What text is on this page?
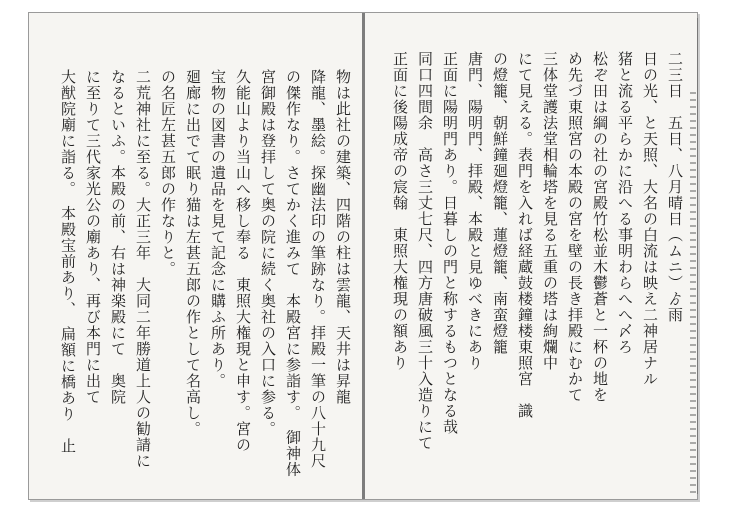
物は此社の建築、四階の柱は雲龍、天井は昇龍
降龍、墨絵。探幽法印の筆跡なり。拝殿一筆の八十九尺
の傑作なり。さてかく進みて　本殿宮に参詣す。　御神体
宮御殿は登拝して奥の院に続く奥社の入口に参る。
久能山より当山へ移し奉る　東照大権現と申す。宮の
宝物の図書の遺品を見て記念に購ふ所あり。
廻廊に出でて眠り猫は左甚五郎の作として名高し。
の名匠左甚五郎の作なりと。
二荒神社に至る。大正三年　大同二年勝道上人の勧請に
なるといふ。本殿の前、右は神楽殿にて　奥院
に至りて三代家光公の廟あり、再び本門に出て
大猷院廟に詣る。　本殿宝前あり、　扁額に橋あり　止
二三日　五日、八月晴日（ムニ）ゟ雨
日の光、と天照、大名の白流は映え二神居ナル
猪と流る平らかに沿へる事明わらへへ〆ろ
松ぞ田は綱の社の宮殿竹松並木鬱蒼と一杯の地を
め先づ東照宮の本殿の宮を壁の長き拝殿にむかて
三体堂護法堂相輪塔を見る五重の塔は絢爛中
にて見える。表門を入れば経蔵鼓楼鐘楼東照宮　識
の燈籠、朝鮮鐘廻燈籠、蓮燈籠、南蛮燈籠
唐門、陽明門、拝殿、本殿と見ゆべきにあり
正面に陽明門あり。日暮しの門と称するもつとなる哉
同口四間余　高さ三丈七尺、四方唐破風三十入造りにて
正面に後陽成帝の宸翰　東照大権現の額あり
